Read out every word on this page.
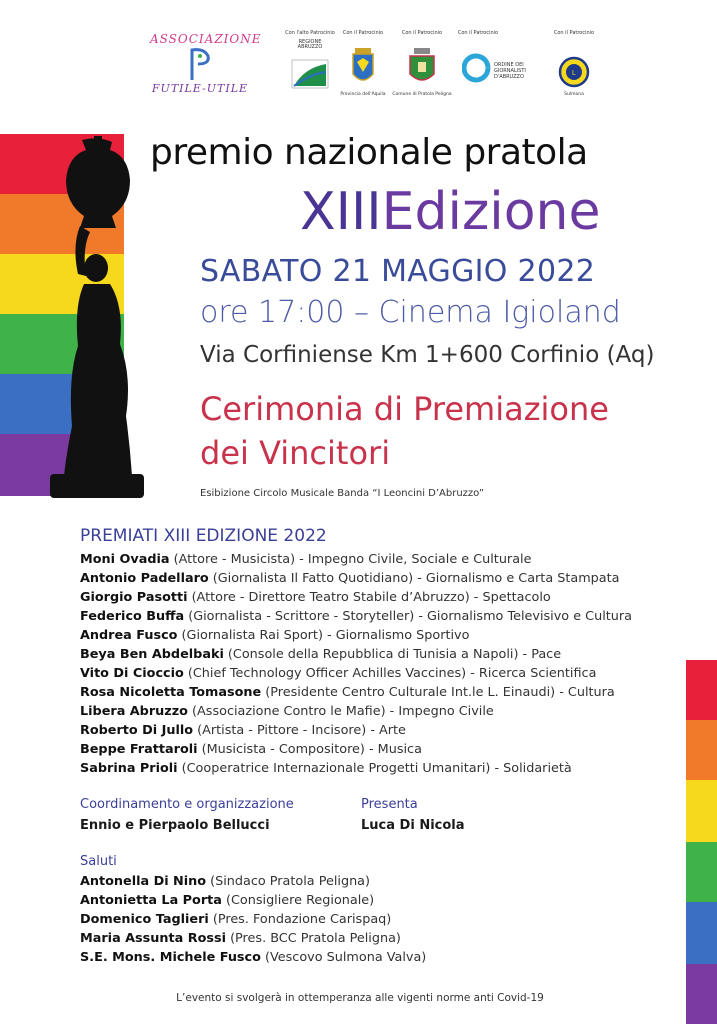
ASSOCIAZIONE
FUTILE-UTILE
Con l'alto Patrocinio
REGIONE ABRUZZO
Con il Patrocinio
Provincia dell'Aquila
Con il Patrocinio
Comune di Pratola Peligna
Con il Patrocinio
ORDINE DEI GIORNALISTI D'ABRUZZO
Con il Patrocinio
L
Sulmona
premio nazionale pratola
XIIIEdizione
SABATO 21 MAGGIO 2022
ore 17:00 – Cinema Igioland
Via Corfiniense Km 1+600 Corfinio (Aq)
Cerimonia di Premiazione
dei Vincitori
Esibizione Circolo Musicale Banda “I Leoncini D’Abruzzo”
PREMIATI XIII EDIZIONE 2022
Moni Ovadia (Attore - Musicista) - Impegno Civile, Sociale e Culturale
Antonio Padellaro (Giornalista Il Fatto Quotidiano) - Giornalismo e Carta Stampata
Giorgio Pasotti (Attore - Direttore Teatro Stabile d’Abruzzo) - Spettacolo
Federico Buffa (Giornalista - Scrittore - Storyteller) - Giornalismo Televisivo e Cultura
Andrea Fusco (Giornalista Rai Sport) - Giornalismo Sportivo
Beya Ben Abdelbaki (Console della Repubblica di Tunisia a Napoli) - Pace
Vito Di Cioccio (Chief Technology Officer Achilles Vaccines) - Ricerca Scientifica
Rosa Nicoletta Tomasone (Presidente Centro Culturale Int.le L. Einaudi) - Cultura
Libera Abruzzo (Associazione Contro le Mafie) - Impegno Civile
Roberto Di Jullo (Artista - Pittore - Incisore) - Arte
Beppe Frattaroli (Musicista - Compositore) - Musica
Sabrina Prioli (Cooperatrice Internazionale Progetti Umanitari) - Solidarietà
Coordinamento e organizzazione
Ennio e Pierpaolo Bellucci
Presenta
Luca Di Nicola
Saluti
Antonella Di Nino (Sindaco Pratola Peligna)
Antonietta La Porta (Consigliere Regionale)
Domenico Taglieri (Pres. Fondazione Carispaq)
Maria Assunta Rossi (Pres. BCC Pratola Peligna)
S.E. Mons. Michele Fusco (Vescovo Sulmona Valva)
L’evento si svolgerà in ottemperanza alle vigenti norme anti Covid-19
